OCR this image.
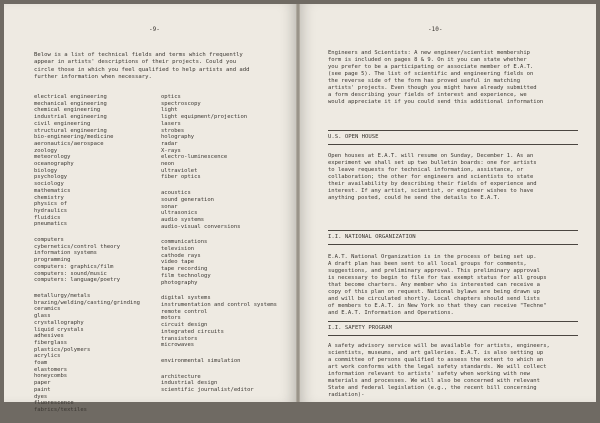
-9-
Below is a list of technical fields and terms which frequently
appear in artists' descriptions of their projects. Could you
circle those in which you feel qualified to help artists and add
further information when necessary.
electrical engineering
mechanical engineering
chemical engineering
industrial engineering
civil engineering
structural engineering
bio-engineering/medicine
aeronautics/aerospace
zoology
meteorology
oceanography
biology
psychology
sociology
mathematics
chemistry
physics of
hydraulics
fluidics
pneumatics
computers
cybernetics/control theory
information systems
programming
computers: graphics/film
computers: sound/music
computers: language/poetry
metallurgy/metals
brazing/welding/casting/grinding
ceramics
glass
crystallography
liquid crystals
adhesives
fiberglass
plastics/polymers
acrylics
foam
elastomers
honeycombs
paper
paint
dyes
fluorescence
fabrics/textiles
optics
spectroscopy
light
light equipment/projection
lasers
strobes
holography
radar
X-rays
electro-luminescence
neon
ultraviolet
fiber optics
acoustics
sound generation
sonar
ultrasonics
audio systems
audio-visual conversions
communications
television
cathode rays
video tape
tape recording
film technology
photography
digital systems
instrumentation and control systems
remote control
motors
circuit design
integrated circuits
transistors
microwaves
environmental simulation
architecture
industrial design
scientific journalist/editor
-10-
Engineers and Scientists: A new engineer/scientist membership
form is included on pages 8 & 9. On it you can state whether
you prefer to be a participating or associate member of E.A.T.
(see page 5). The list of scientific and engineering fields on
the reverse side of the form has proved useful in matching
artists' projects. Even though you might have already submitted
a form describing your fields of interest and experience, we
would appreciate it if you could send this additional information
U.S. OPEN HOUSE
Open houses at E.A.T. will resume on Sunday, December 1. As an
experiment we shall set up two bulletin boards: one for artists
to leave requests for technical information, assistance, or
collaboration; the other for engineers and scientists to state
their availability by describing their fields of experience and
interest. If any artist, scientist, or engineer wishes to have
anything posted, could he send the details to E.A.T.
I.I. NATIONAL ORGANIZATION
E.A.T. National Organization is in the process of being set up.
A draft plan has been sent to all local groups for comments,
suggestions, and preliminary approval. This preliminary approval
is necessary to begin to file for tax exempt status for all groups
that become charters. Any member who is interested can receive a
copy of this plan on request. National bylaws are being drawn up
and will be circulated shortly. Local chapters should send lists
of members to E.A.T. in New York so that they can receive "Techne"
and E.A.T. Information and Operations.
I.I. SAFETY PROGRAM
A safety advisory service will be available for artists, engineers,
scientists, museums, and art galleries. E.A.T. is also setting up
a committee of persons qualified to assess the extent to which an
art work conforms with the legal safety standards. We will collect
information relevant to artists' safety when working with new
materials and processes. We will also be concerned with relevant
State and federal legislation (e.g., the recent bill concerning
radiation)-
